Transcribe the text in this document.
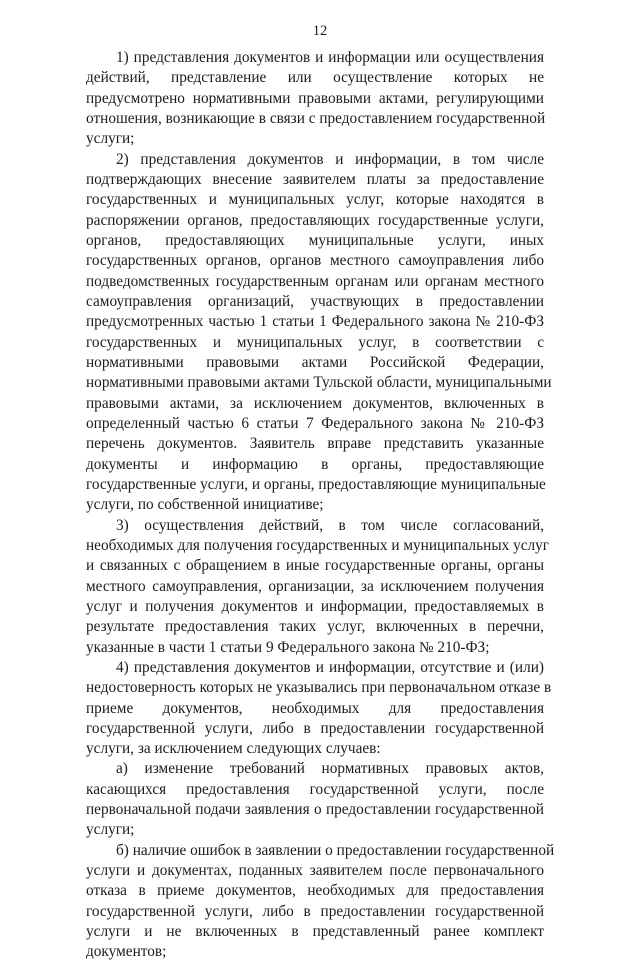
12
1) представления документов и информации или осуществления
действий, представление или осуществление которых не
предусмотрено нормативными правовыми актами, регулирующими
отношения, возникающие в связи с предоставлением государственной
услуги;
2) представления документов и информации, в том числе
подтверждающих внесение заявителем платы за предоставление
государственных и муниципальных услуг, которые находятся в
распоряжении органов, предоставляющих государственные услуги,
органов, предоставляющих муниципальные услуги, иных
государственных органов, органов местного самоуправления либо
подведомственных государственным органам или органам местного
самоуправления организаций, участвующих в предоставлении
предусмотренных частью 1 статьи 1 Федерального закона № 210-ФЗ
государственных и муниципальных услуг, в соответствии с
нормативными правовыми актами Российской Федерации,
нормативными правовыми актами Тульской области, муниципальными
правовыми актами, за исключением документов, включенных в
определенный частью 6 статьи 7 Федерального закона № 210-ФЗ
перечень документов. Заявитель вправе представить указанные
документы и информацию в органы, предоставляющие
государственные услуги, и органы, предоставляющие муниципальные
услуги, по собственной инициативе;
3) осуществления действий, в том числе согласований,
необходимых для получения государственных и муниципальных услуг
и связанных с обращением в иные государственные органы, органы
местного самоуправления, организации, за исключением получения
услуг и получения документов и информации, предоставляемых в
результате предоставления таких услуг, включенных в перечни,
указанные в части 1 статьи 9 Федерального закона № 210-ФЗ;
4) представления документов и информации, отсутствие и (или)
недостоверность которых не указывались при первоначальном отказе в
приеме документов, необходимых для предоставления
государственной услуги, либо в предоставлении государственной
услуги, за исключением следующих случаев:
а) изменение требований нормативных правовых актов,
касающихся предоставления государственной услуги, после
первоначальной подачи заявления о предоставлении государственной
услуги;
б) наличие ошибок в заявлении о предоставлении государственной
услуги и документах, поданных заявителем после первоначального
отказа в приеме документов, необходимых для предоставления
государственной услуги, либо в предоставлении государственной
услуги и не включенных в представленный ранее комплект
документов;
